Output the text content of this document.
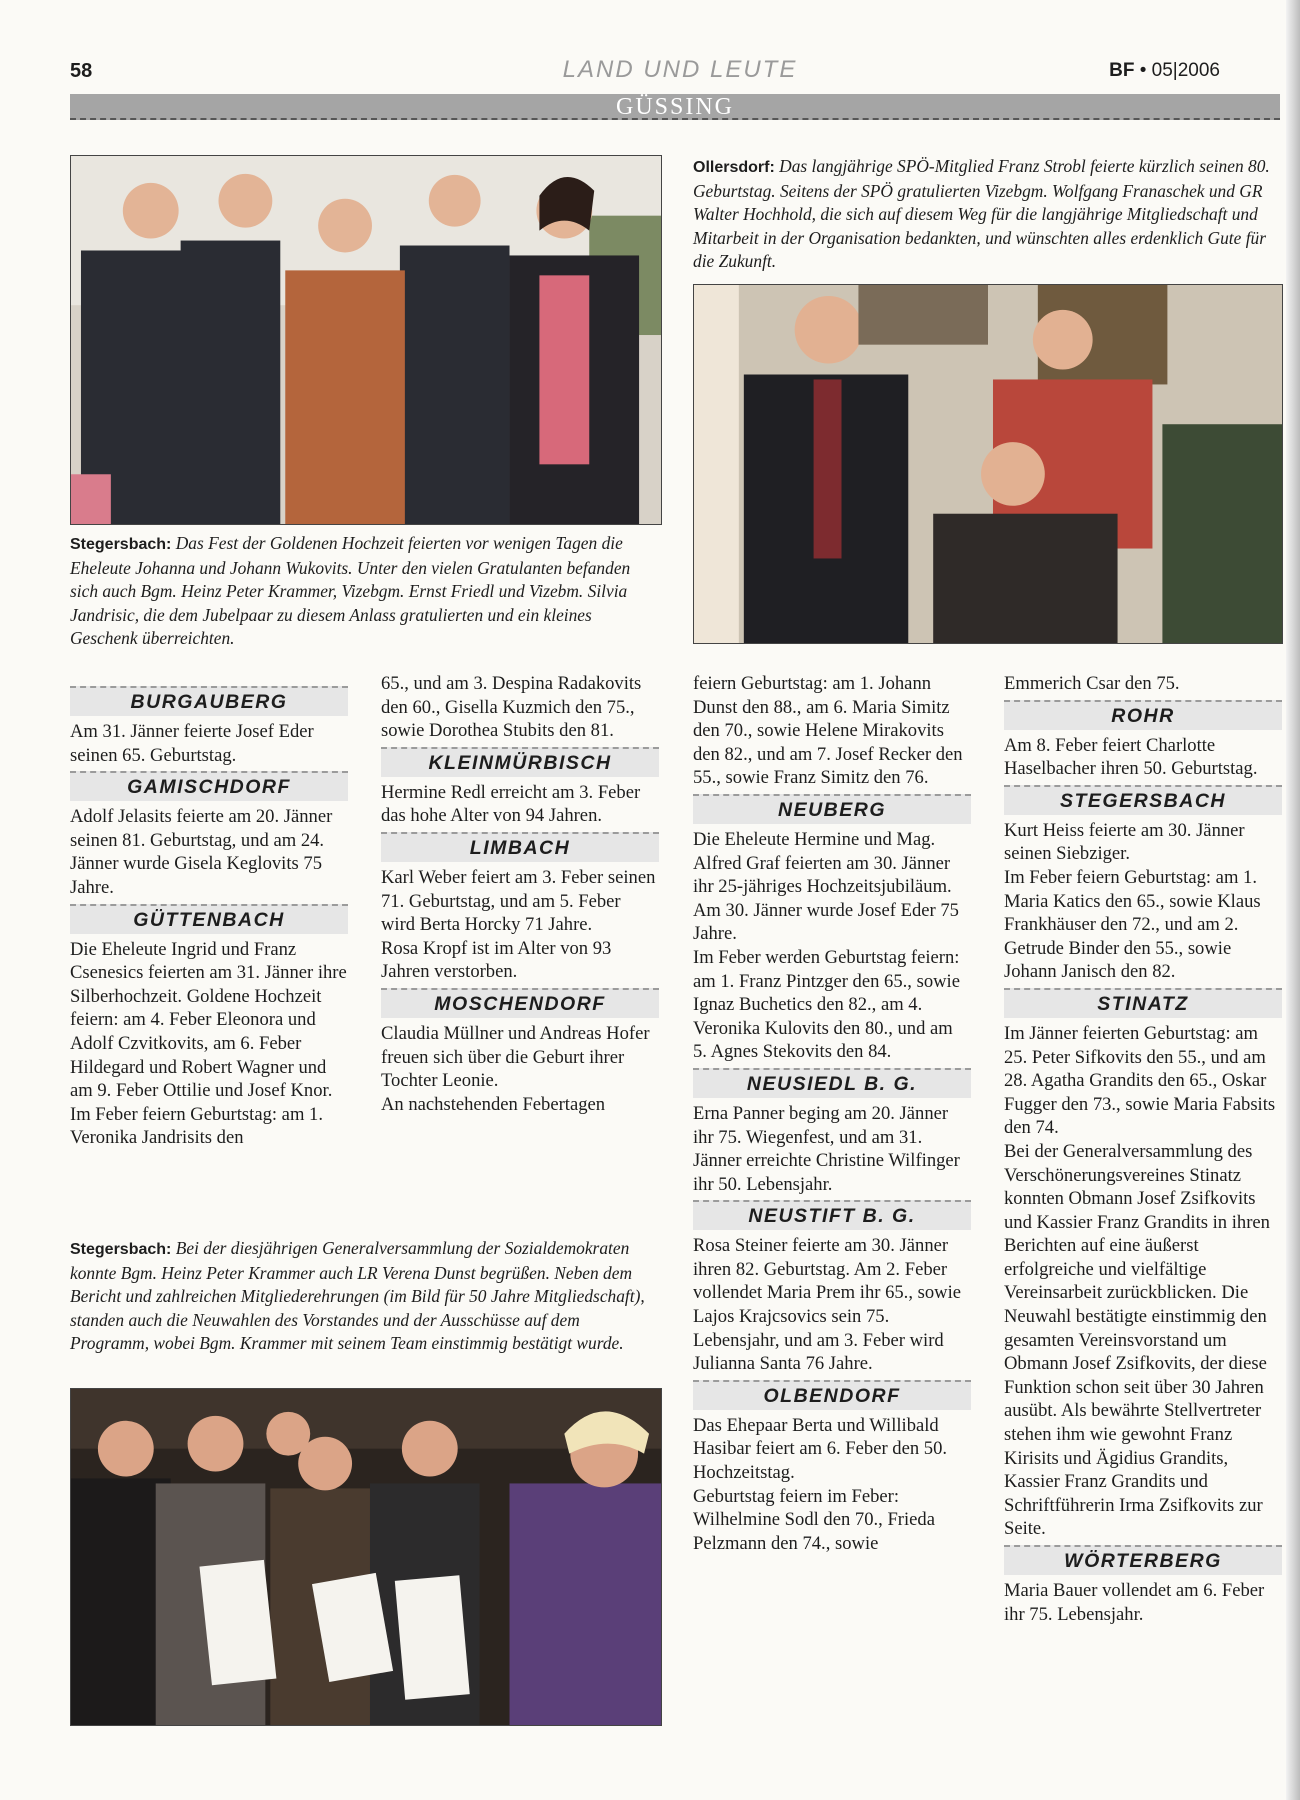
58	LAND UND LEUTE	BF • 05|2006
GÜSSING
Stegersbach: Das Fest der Goldenen Hochzeit feierten vor wenigen Tagen die Eheleute Johanna und Johann Wukovits. Unter den vielen Gratulanten befanden sich auch Bgm. Heinz Peter Krammer, Vizebgm. Ernst Friedl und Vizebm. Silvia Jandrisic, die dem Jubelpaar zu diesem Anlass gratulierten und ein kleines Geschenk überreichten.
Ollersdorf: Das langjährige SPÖ-Mitglied Franz Strobl feierte kürzlich seinen 80. Geburtstag. Seitens der SPÖ gratulierten Vizebgm. Wolfgang Franaschek und GR Walter Hochhold, die sich auf diesem Weg für die langjährige Mitgliedschaft und Mitarbeit in der Organisation bedankten, und wünschten alles erdenklich Gute für die Zukunft.
BURGAUBERG

Am 31. Jänner feierte Josef Eder seinen 65. Geburtstag.

GAMISCHDORF

Adolf Jelasits feierte am 20. Jänner seinen 81. Geburtstag, und am 24. Jänner wurde Gisela Keglovits 75 Jahre.

GÜTTENBACH

Die Eheleute Ingrid und Franz Csenesics feierten am 31. Jänner ihre Silberhochzeit. Goldene Hochzeit feiern: am 4. Feber Eleonora und Adolf Czvitkovits, am 6. Feber Hildegard und Robert Wagner und am 9. Feber Ottilie und Josef Knor.

Im Feber feiern Geburtstag: am 1. Veronika Jandrisits den

65., und am 3. Despina Radakovits den 60., Gisella Kuzmich den 75., sowie Dorothea Stubits den 81.

KLEINMÜRBISCH

Hermine Redl erreicht am 3. Feber das hohe Alter von 94 Jahren.

LIMBACH

Karl Weber feiert am 3. Feber seinen 71. Geburtstag, und am 5. Feber wird Berta Horcky 71 Jahre.

Rosa Kropf ist im Alter von 93 Jahren verstorben.

MOSCHENDORF

Claudia Müllner und Andreas Hofer freuen sich über die Geburt ihrer Tochter Leonie.

An nachstehenden Febertagen

Stegersbach: Bei der diesjährigen Generalversammlung der Sozialdemokraten konnte Bgm. Heinz Peter Krammer auch LR Verena Dunst begrüßen. Neben dem Bericht und zahlreichen Mitgliederehrungen (im Bild für 50 Jahre Mitgliedschaft), standen auch die Neuwahlen des Vorstandes und der Ausschüsse auf dem Programm, wobei Bgm. Krammer mit seinem Team einstimmig bestätigt wurde.

feiern Geburtstag: am 1. Johann Dunst den 88., am 6. Maria Simitz den 70., sowie Helene Mirakovits den 82., und am 7. Josef Recker den 55., sowie Franz Simitz den 76.

NEUBERG

Die Eheleute Hermine und Mag. Alfred Graf feierten am 30. Jänner ihr 25-jähriges Hochzeitsjubiläum.

Am 30. Jänner wurde Josef Eder 75 Jahre.

Im Feber werden Geburtstag feiern: am 1. Franz Pintzger den 65., sowie Ignaz Buchetics den 82., am 4. Veronika Kulovits den 80., und am 5. Agnes Stekovits den 84.

NEUSIEDL B. G.

Erna Panner beging am 20. Jänner ihr 75. Wiegenfest, und am 31. Jänner erreichte Christine Wilfinger ihr 50. Lebensjahr.

NEUSTIFT B. G.

Rosa Steiner feierte am 30. Jänner ihren 82. Geburtstag. Am 2. Feber vollendet Maria Prem ihr 65., sowie Lajos Krajcsovics sein 75. Lebensjahr, und am 3. Feber wird Julianna Santa 76 Jahre.

OLBENDORF

Das Ehepaar Berta und Willibald Hasibar feiert am 6. Feber den 50. Hochzeitstag.

Geburtstag feiern im Feber: Wilhelmine Sodl den 70., Frieda Pelzmann den 74., sowie

Emmerich Csar den 75.

ROHR

Am 8. Feber feiert Charlotte Haselbacher ihren 50. Geburtstag.

STEGERSBACH

Kurt Heiss feierte am 30. Jänner seinen Siebziger.

Im Feber feiern Geburtstag: am 1. Maria Katics den 65., sowie Klaus Frankhäuser den 72., und am 2. Getrude Binder den 55., sowie Johann Janisch den 82.

STINATZ

Im Jänner feierten Geburtstag: am 25. Peter Sifkovits den 55., und am 28. Agatha Grandits den 65., Oskar Fugger den 73., sowie Maria Fabsits den 74.

Bei der Generalversammlung des Verschönerungsvereines Stinatz konnten Obmann Josef Zsifkovits und Kassier Franz Grandits in ihren Berichten auf eine äußerst erfolgreiche und vielfältige Vereinsarbeit zurückblicken. Die Neuwahl bestätigte einstimmig den gesamten Vereinsvorstand um Obmann Josef Zsifkovits, der diese Funktion schon seit über 30 Jahren ausübt. Als bewährte Stellvertreter stehen ihm wie gewohnt Franz Kirisits und Ägidius Grandits, Kassier Franz Grandits und Schriftführerin Irma Zsifkovits zur Seite.

WÖRTERBERG

Maria Bauer vollendet am 6. Feber ihr 75. Lebensjahr.
